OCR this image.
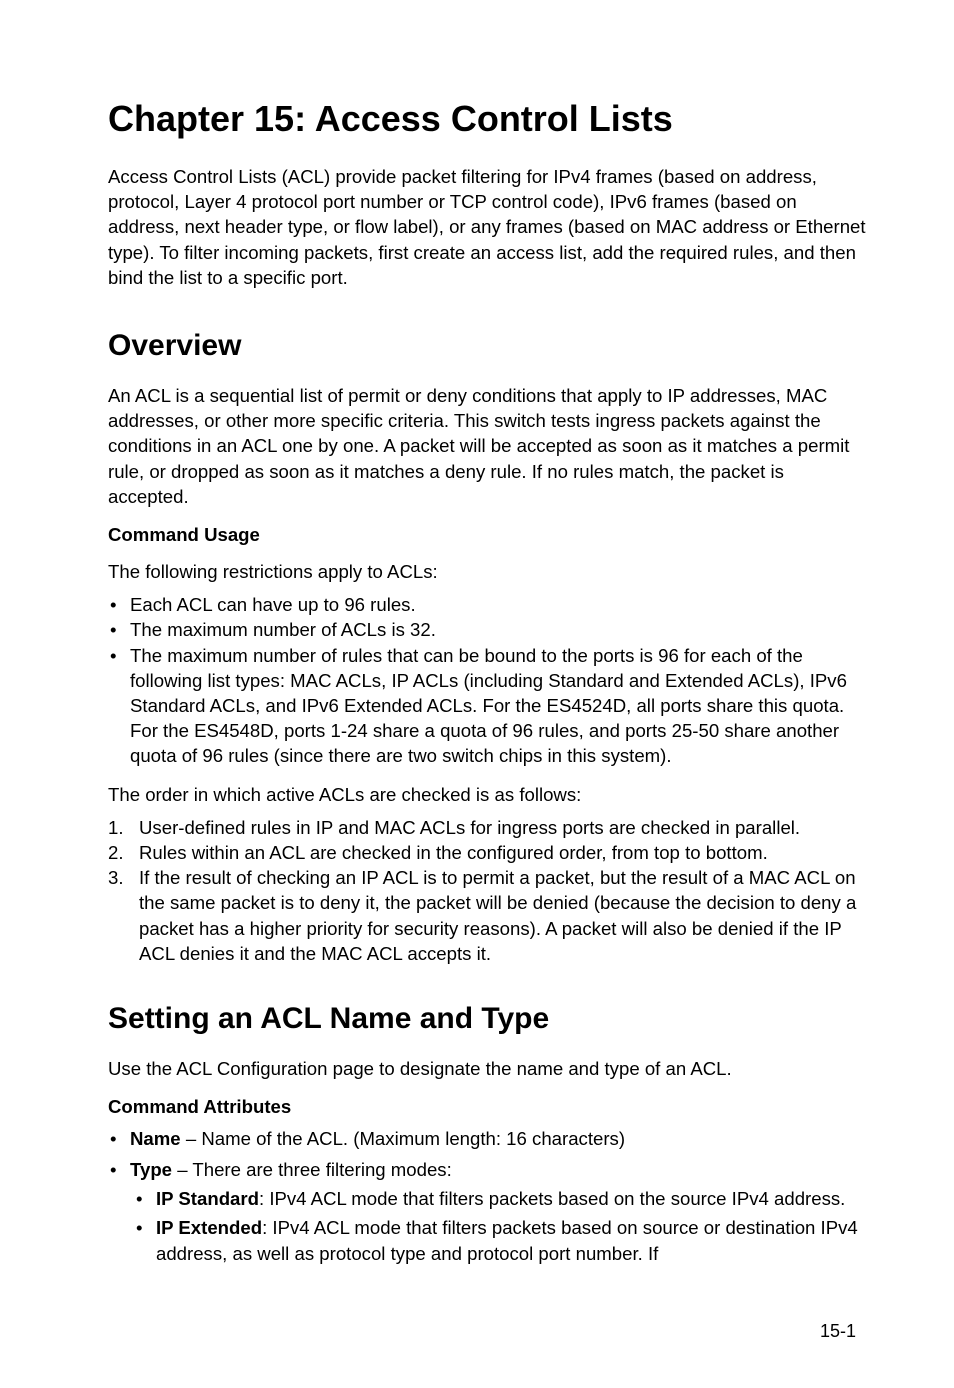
Chapter 15: Access Control Lists

Access Control Lists (ACL) provide packet filtering for IPv4 frames (based on address, protocol, Layer 4 protocol port number or TCP control code), IPv6 frames (based on address, next header type, or flow label), or any frames (based on MAC address or Ethernet type). To filter incoming packets, first create an access list, add the required rules, and then bind the list to a specific port.

Overview

An ACL is a sequential list of permit or deny conditions that apply to IP addresses, MAC addresses, or other more specific criteria. This switch tests ingress packets against the conditions in an ACL one by one. A packet will be accepted as soon as it matches a permit rule, or dropped as soon as it matches a deny rule. If no rules match, the packet is accepted.

Command Usage

The following restrictions apply to ACLs:

• Each ACL can have up to 96 rules.
• The maximum number of ACLs is 32.
• The maximum number of rules that can be bound to the ports is 96 for each of the following list types: MAC ACLs, IP ACLs (including Standard and Extended ACLs), IPv6 Standard ACLs, and IPv6 Extended ACLs. For the ES4524D, all ports share this quota. For the ES4548D, ports 1-24 share a quota of 96 rules, and ports 25-50 share another quota of 96 rules (since there are two switch chips in this system).

The order in which active ACLs are checked is as follows:

1. User-defined rules in IP and MAC ACLs for ingress ports are checked in parallel.
2. Rules within an ACL are checked in the configured order, from top to bottom.
3. If the result of checking an IP ACL is to permit a packet, but the result of a MAC ACL on the same packet is to deny it, the packet will be denied (because the decision to deny a packet has a higher priority for security reasons). A packet will also be denied if the IP ACL denies it and the MAC ACL accepts it.
Setting an ACL Name and Type

Use the ACL Configuration page to designate the name and type of an ACL.

Command Attributes
• Name – Name of the ACL. (Maximum length: 16 characters)
• Type – There are three filtering modes:
• IP Standard: IPv4 ACL mode that filters packets based on the source IPv4 address.
• IP Extended: IPv4 ACL mode that filters packets based on source or destination IPv4 address, as well as protocol type and protocol port number. If
15-1
